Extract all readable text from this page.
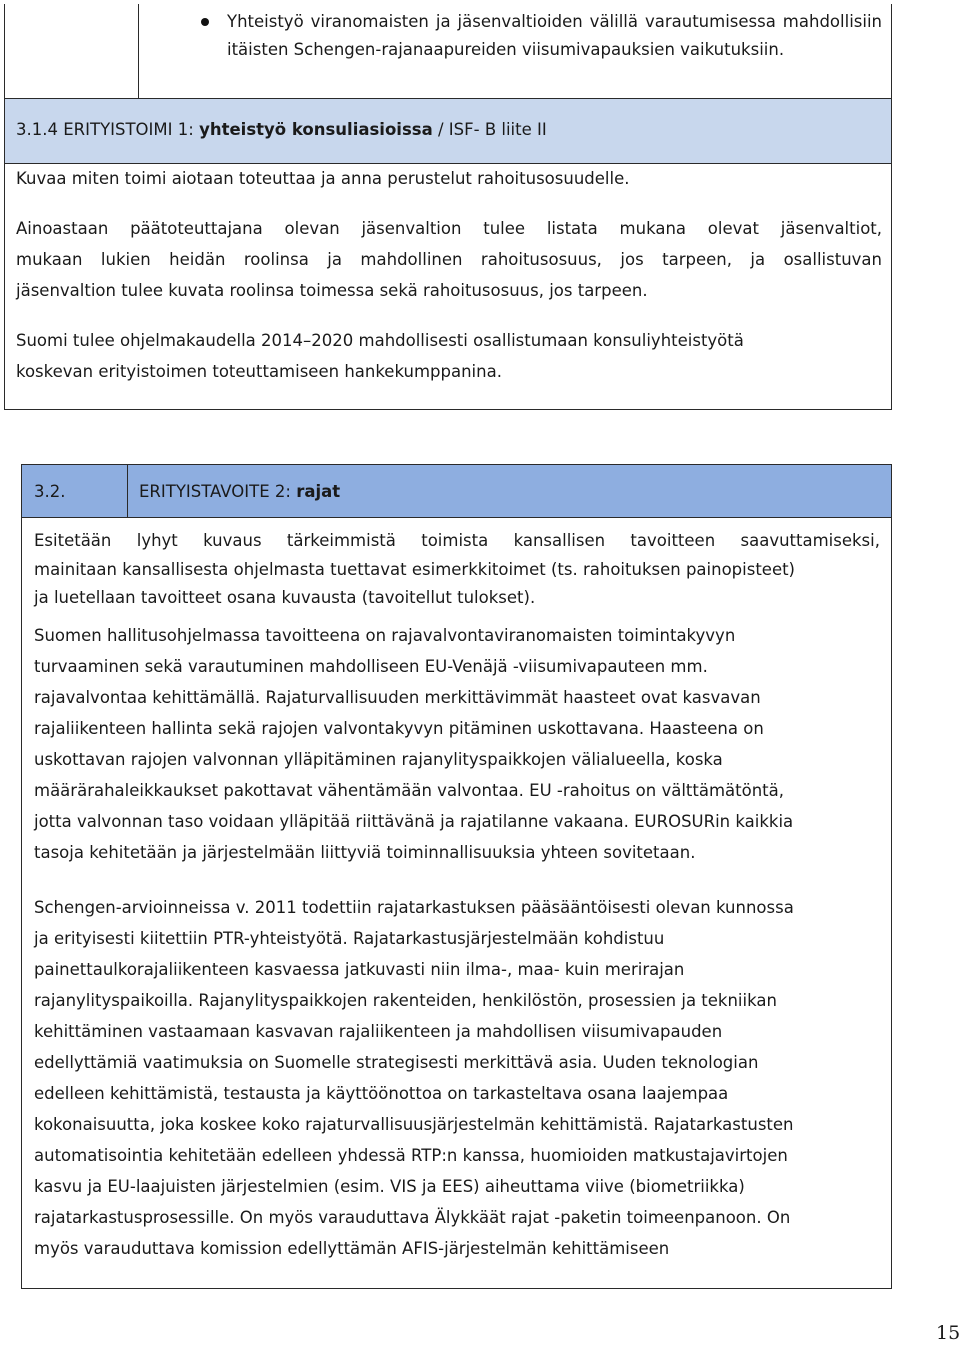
Yhteistyö viranomaisten ja jäsenvaltioiden välillä varautumisessa mahdollisiin itäisten Schengen-rajanaapureiden viisumivapauksien vaikutuksiin.

3.1.4 ERITYISTOIMI 1: yhteistyö konsuliasioissa / ISF- B liite II

Kuvaa miten toimi aiotaan toteuttaa ja anna perustelut rahoitusosuudelle.

Ainoastaan päätoteuttajana olevan jäsenvaltion tulee listata mukana olevat jäsenvaltiot,
mukaan lukien heidän roolinsa ja mahdollinen rahoitusosuus, jos tarpeen, ja osallistuvan
jäsenvaltion tulee kuvata roolinsa toimessa sekä rahoitusosuus, jos tarpeen.
Suomi tulee ohjelmakaudella 2014–2020 mahdollisesti osallistumaan konsuliyhteistyötä
koskevan erityistoimen toteuttamiseen hankekumppanina.

3.2.	ERITYISTAVOITE 2: rajat

Esitetään lyhyt kuvaus tärkeimmistä toimista kansallisen tavoitteen saavuttamiseksi,
mainitaan kansallisesta ohjelmasta tuettavat esimerkkitoimet (ts. rahoituksen painopisteet)
ja luetellaan tavoitteet osana kuvausta (tavoitellut tulokset).
Suomen hallitusohjelmassa tavoitteena on rajavalvontaviranomaisten toimintakyvyn
turvaaminen sekä varautuminen mahdolliseen EU-Venäjä -viisumivapauteen mm.
rajavalvontaa kehittämällä. Rajaturvallisuuden merkittävimmät haasteet ovat kasvavan
rajaliikenteen hallinta sekä rajojen valvontakyvyn pitäminen uskottavana. Haasteena on
uskottavan rajojen valvonnan ylläpitäminen rajanylityspaikkojen välialueella, koska
määrärahaleikkaukset pakottavat vähentämään valvontaa. EU -rahoitus on välttämätöntä,
jotta valvonnan taso voidaan ylläpitää riittävänä ja rajatilanne vakaana. EUROSURin kaikkia
tasoja kehitetään ja järjestelmään liittyviä toiminnallisuuksia yhteen sovitetaan.
Schengen-arvioinneissa v. 2011 todettiin rajatarkastuksen pääsääntöisesti olevan kunnossa
ja erityisesti kiitettiin PTR-yhteistyötä. Rajatarkastusjärjestelmään kohdistuu
painettaulkorajaliikenteen kasvaessa jatkuvasti niin ilma-, maa- kuin merirajan
rajanylityspaikoilla. Rajanylityspaikkojen rakenteiden, henkilöstön, prosessien ja tekniikan
kehittäminen vastaamaan kasvavan rajaliikenteen ja mahdollisen viisumivapauden
edellyttämiä vaatimuksia on Suomelle strategisesti merkittävä asia. Uuden teknologian
edelleen kehittämistä, testausta ja käyttöönottoa on tarkasteltava osana laajempaa
kokonaisuutta, joka koskee koko rajaturvallisuusjärjestelmän kehittämistä. Rajatarkastusten
automatisointia kehitetään edelleen yhdessä RTP:n kanssa, huomioiden matkustajavirtojen
kasvu ja EU-laajuisten järjestelmien (esim. VIS ja EES) aiheuttama viive (biometriikka)
rajatarkastusprosessille. On myös varauduttava Älykkäät rajat -paketin toimeenpanoon. On
myös varauduttava komission edellyttämän AFIS-järjestelmän kehittämiseen
15
